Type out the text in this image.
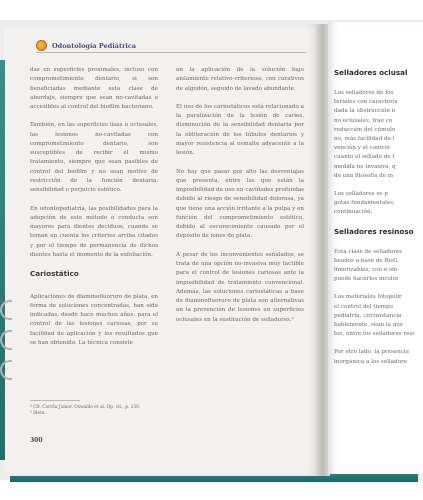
Odontología Pediátrica

das en superficies proximales, incluso con comprometimiento dentario, si son beneficiadas mediante esta clase de abordaje, siempre que sean no-cavitadas o accesibles al control del biofilm bacteriano.

También, en las superficies lisas u oclusales, las lesiones no-cavitadas con comprometimiento dentario, son susceptibles de recibir el mismo tratamiento, siempre que sean pasibles de control del biofilm y no sean motivo de restricción de la función dentaria, sensibilidad o perjuicio estético.

En odontopediatría, las posibilidades para la adopción de este método o conducta son mayores para dientes deciduos, cuando se toman en cuenta los criterios arriba citados y por el tiempo de permanencia de dichos dientes hasta el momento de la exfoliación.

Cariostático

Aplicaciones de diaminofluoruro de plata, en forma de soluciones concentradas, han sido indicadas, desde hace muchos años, para el control de las lesiones cariosas, por su facilidad de aplicación y los resultados que se han obtenido. La técnica consiste

en la aplicación de la solución bajo aislamiento relativo-criterioso, con curativos de algodón, seguido de lavado abundante.

El uso de los cariostáticos está relacionado a la paralización de la lesión de caries, disminución de la sensibilidad dentaria por la obliteración de los túbulos dentarios y mayor resistencia al esmalte adyacente a la lesión.

No hay que pasar por alto las desventajas que presenta, entre las que están la imposibilidad de uso en cavidades profundas debido al riesgo de sensibilidad dolorosa, ya que tiene una acción irritante a la pulpa y en función del comprometimiento estético, debido al oscurecimiento causado por el depósito de iones de plata.

A pesar de los inconvenientes señalados, se trata de una opción no-invasiva muy factible para el control de lesiones cariosas ante la imposibilidad de tratamiento convencional. Además, las soluciones cariostáticas a base de diaminofluoruro de plata son alternativas en la prevención de lesiones en superficies oclusales en la sustitución de selladores.⁵

⁴ Cfr. Corrêa Junior, Oswaldo et al. Op. cit., p. 230.
⁵ Ídem.
300
Selladores oclusal
Los selladores de fos
teriales con caracterís
dada la obstrucción n
no oclusales, trae co
reducción del cúmulo
no, más facilidad de l
vención y el control
cuanto el sellado de f
medida no invasiva, q
de una filosofía de m
Los selladores se p
gotas fundamentales,
continuación.
Selladores resinoso
Esta clase de selladores
beados a base de BisG
limerizables, con o sin
puede hacerlos incolor
Los materiales fotopolir
el control del tiempo
pediatría, circunstancia
bablemente, sean la que
tos, entre los selladores resi
Por otro lado, la presencia
inorgánica a los selladore
